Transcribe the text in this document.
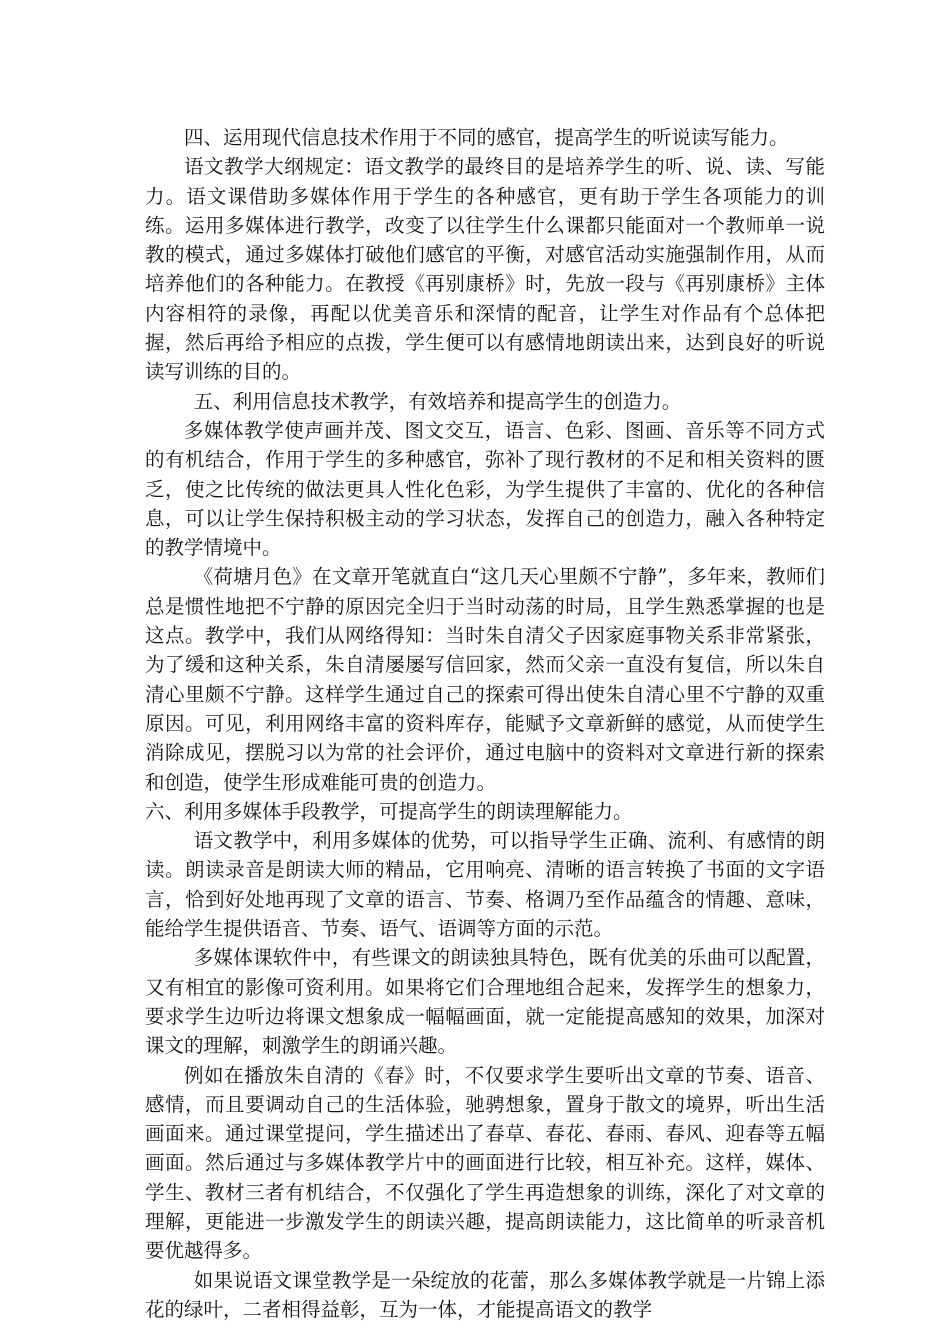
四、运用现代信息技术作用于不同的感官，提高学生的听说读写能力。

语文教学大纲规定：语文教学的最终目的是培养学生的听、说、读、写能力。语文课借助多媒体作用于学生的各种感官，更有助于学生各项能力的训练。运用多媒体进行教学，改变了以往学生什么课都只能面对一个教师单一说教的模式，通过多媒体打破他们感官的平衡，对感官活动实施强制作用，从而培养他们的各种能力。在教授《再别康桥》时，先放一段与《再别康桥》主体内容相符的录像，再配以优美音乐和深情的配音，让学生对作品有个总体把握，然后再给予相应的点拨，学生便可以有感情地朗读出来，达到良好的听说读写训练的目的。

五、利用信息技术教学，有效培养和提高学生的创造力。

多媒体教学使声画并茂、图文交互，语言、色彩、图画、音乐等不同方式的有机结合，作用于学生的多种感官，弥补了现行教材的不足和相关资料的匮乏，使之比传统的做法更具人性化色彩，为学生提供了丰富的、优化的各种信息，可以让学生保持积极主动的学习状态，发挥自己的创造力，融入各种特定的教学情境中。

《荷塘月色》在文章开笔就直白“这几天心里颇不宁静”，多年来，教师们总是惯性地把不宁静的原因完全归于当时动荡的时局，且学生熟悉掌握的也是这点。教学中，我们从网络得知：当时朱自清父子因家庭事物关系非常紧张，为了缓和这种关系，朱自清屡屡写信回家，然而父亲一直没有复信，所以朱自清心里颇不宁静。这样学生通过自己的探索可得出使朱自清心里不宁静的双重原因。可见，利用网络丰富的资料库存，能赋予文章新鲜的感觉，从而使学生消除成见，摆脱习以为常的社会评价，通过电脑中的资料对文章进行新的探索和创造，使学生形成难能可贵的创造力。

六、利用多媒体手段教学，可提高学生的朗读理解能力。

语文教学中，利用多媒体的优势，可以指导学生正确、流利、有感情的朗读。朗读录音是朗读大师的精品，它用响亮、清晰的语言转换了书面的文字语言，恰到好处地再现了文章的语言、节奏、格调乃至作品蕴含的情趣、意味，能给学生提供语音、节奏、语气、语调等方面的示范。

多媒体课软件中，有些课文的朗读独具特色，既有优美的乐曲可以配置，又有相宜的影像可资利用。如果将它们合理地组合起来，发挥学生的想象力，要求学生边听边将课文想象成一幅幅画面，就一定能提高感知的效果，加深对课文的理解，刺激学生的朗诵兴趣。

例如在播放朱自清的《春》时，不仅要求学生要听出文章的节奏、语音、感情，而且要调动自己的生活体验，驰骋想象，置身于散文的境界，听出生活画面来。通过课堂提问，学生描述出了春草、春花、春雨、春风、迎春等五幅画面。然后通过与多媒体教学片中的画面进行比较，相互补充。这样，媒体、学生、教材三者有机结合，不仅强化了学生再造想象的训练，深化了对文章的理解，更能进一步激发学生的朗读兴趣，提高朗读能力，这比简单的听录音机要优越得多。

如果说语文课堂教学是一朵绽放的花蕾，那么多媒体教学就是一片锦上添花的绿叶，二者相得益彰，互为一体，才能提高语文的教学
